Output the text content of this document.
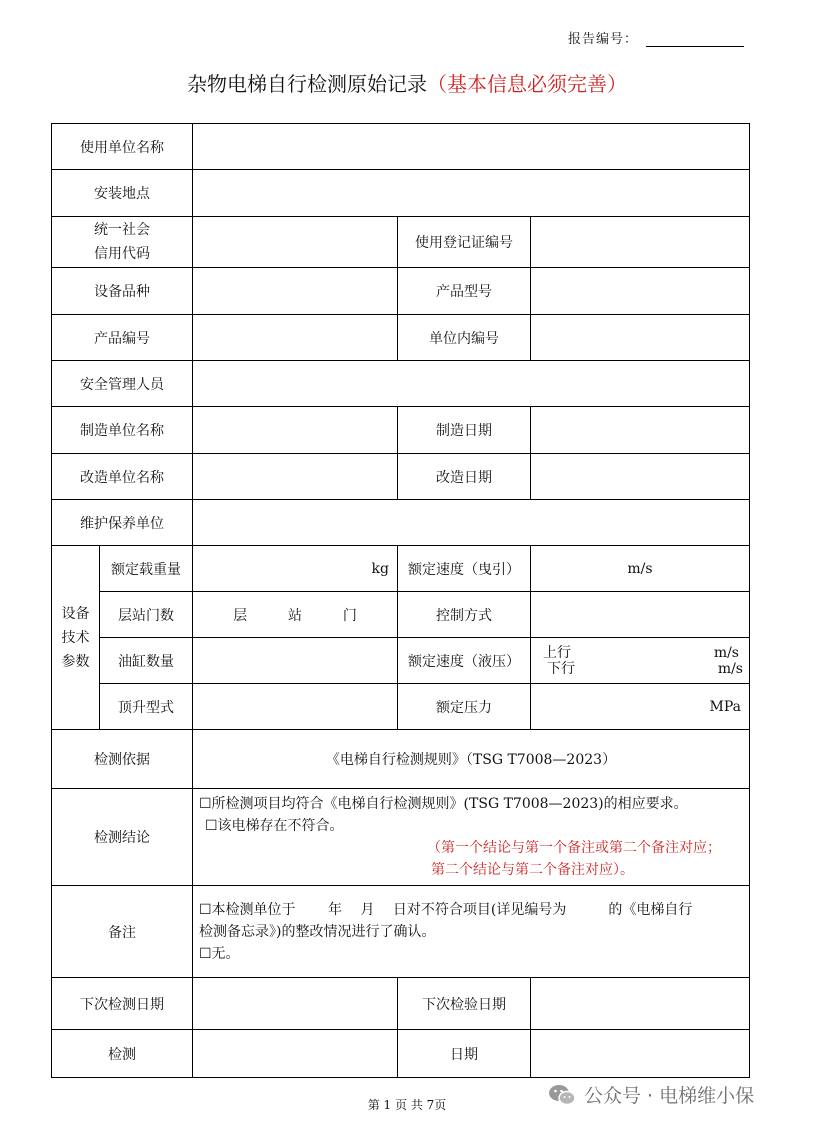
报告编号：
杂物电梯自行检测原始记录（基本信息必须完善）
使用单位名称				
安装地点				

统一社会
信用代码			使用登记证编号	
设备品种			产品型号	
产品编号			单位内编号	
安全管理人员				
制造单位名称			制造日期	
改造单位名称			改造日期	
维护保养单位				

设备
技术
参数	额定载重量	kg	额定速度（曳引）	m/s
	层站门数	层 站 门	控制方式	
	油缸数量		额定速度（液压）	上行 m/s
下行 m/s

	顶升型式		额定压力	MPa
检测依据		《电梯自行检测规则》（TSG T7008—2023）		
检测结论		☐所检测项目均符合《电梯自行检测规则》(TSG T7008—2023)的相应要求。
☐该电梯存在不符合。
（第一个结论与第一个备注或第二个备注对应；
第二个结论与第二个备注对应）。		

备注		☐本检测单位于　　 年　 月　 日对不符合项目(详见编号为　　　的《电梯自行
检测备忘录》)的整改情况进行了确认。
☐无。		

下次检测日期			下次检验日期	
检测			日期	
第 1 页 共 7页	公众号 · 电梯维小保
